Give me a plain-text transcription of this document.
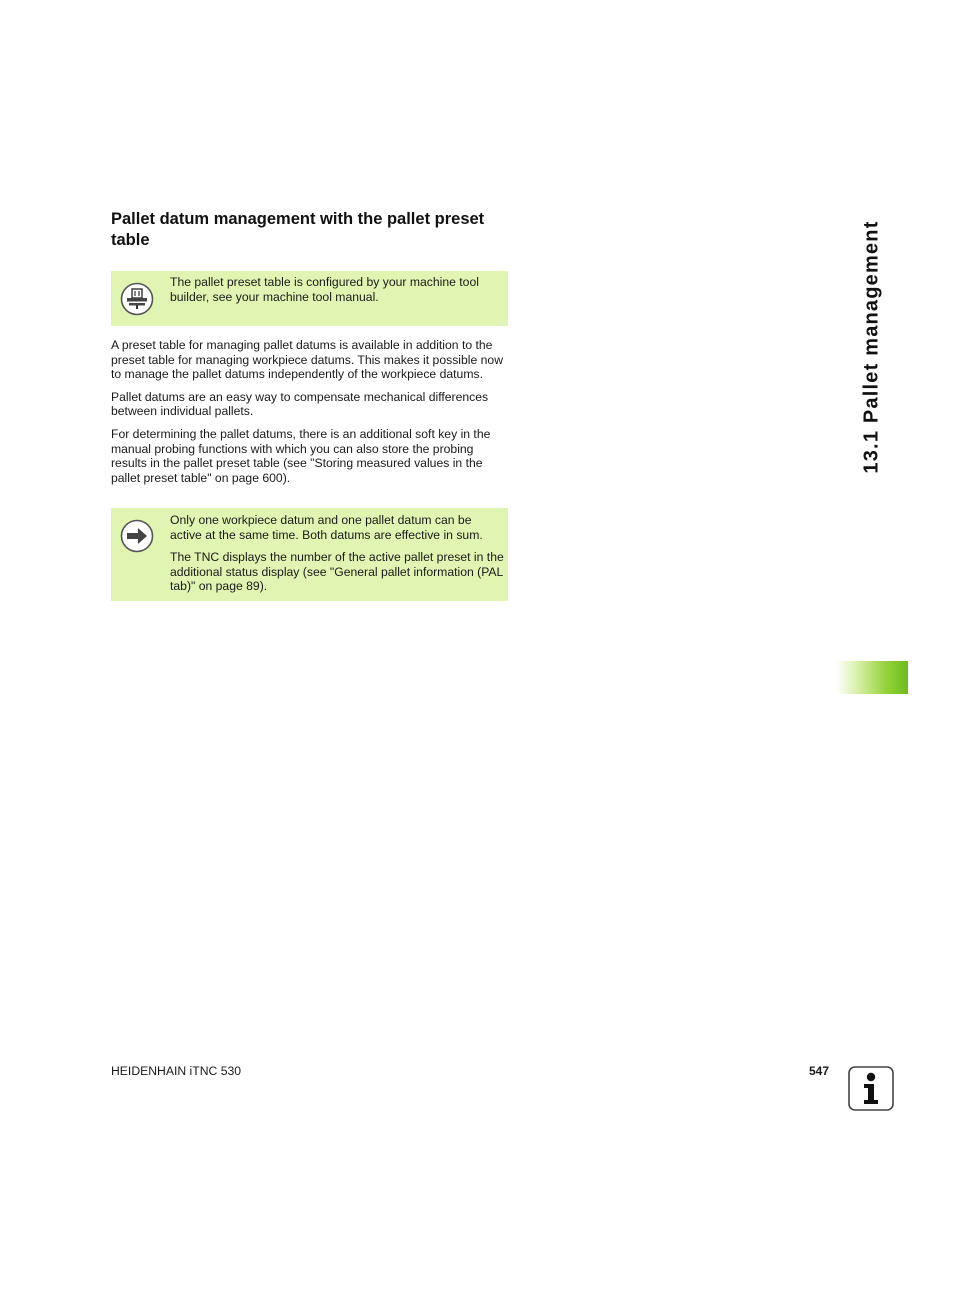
Pallet datum management with the pallet preset table

The pallet preset table is configured by your machine tool builder, see your machine tool manual.

A preset table for managing pallet datums is available in addition to the preset table for managing workpiece datums. This makes it possible now to manage the pallet datums independently of the workpiece datums.

Pallet datums are an easy way to compensate mechanical differences between individual pallets.

For determining the pallet datums, there is an additional soft key in the manual probing functions with which you can also store the probing results in the pallet preset table (see "Storing measured values in the pallet preset table" on page 600).

Only one workpiece datum and one pallet datum can be active at the same time. Both datums are effective in sum.

The TNC displays the number of the active pallet preset in the additional status display (see "General pallet information (PAL tab)" on page 89).

13.1 Pallet management
HEIDENHAIN iTNC 530	547
